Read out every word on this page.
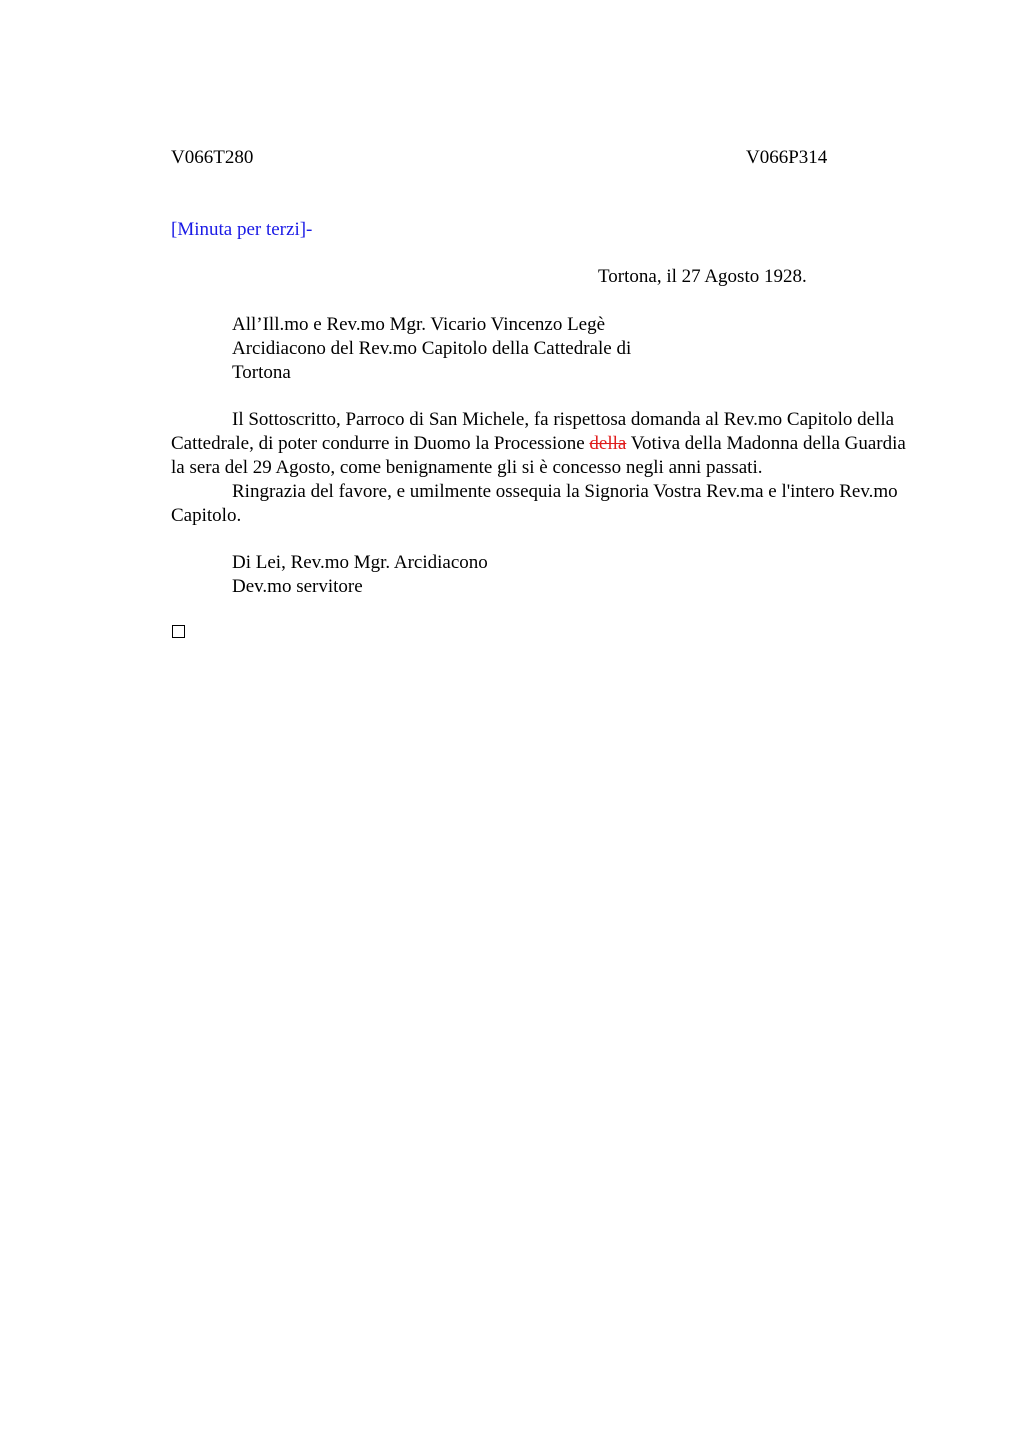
V066T280	V066P314
[Minuta per terzi]-
Tortona, il 27 Agosto 1928.
All’Ill.mo e Rev.mo Mgr. Vicario Vincenzo Legè
Arcidiacono del Rev.mo Capitolo della Cattedrale di
Tortona

Il Sottoscritto, Parroco di San Michele, fa rispettosa domanda al Rev.mo Capitolo della Cattedrale, di poter condurre in Duomo la Processione della Votiva della Madonna della Guardia la sera del 29 Agosto, come benignamente gli si è concesso negli anni passati.

Ringrazia del favore, e umilmente ossequia la Signoria Vostra Rev.ma e l'intero Rev.mo Capitolo.

Di Lei, Rev.mo Mgr. Arcidiacono
Dev.mo servitore
